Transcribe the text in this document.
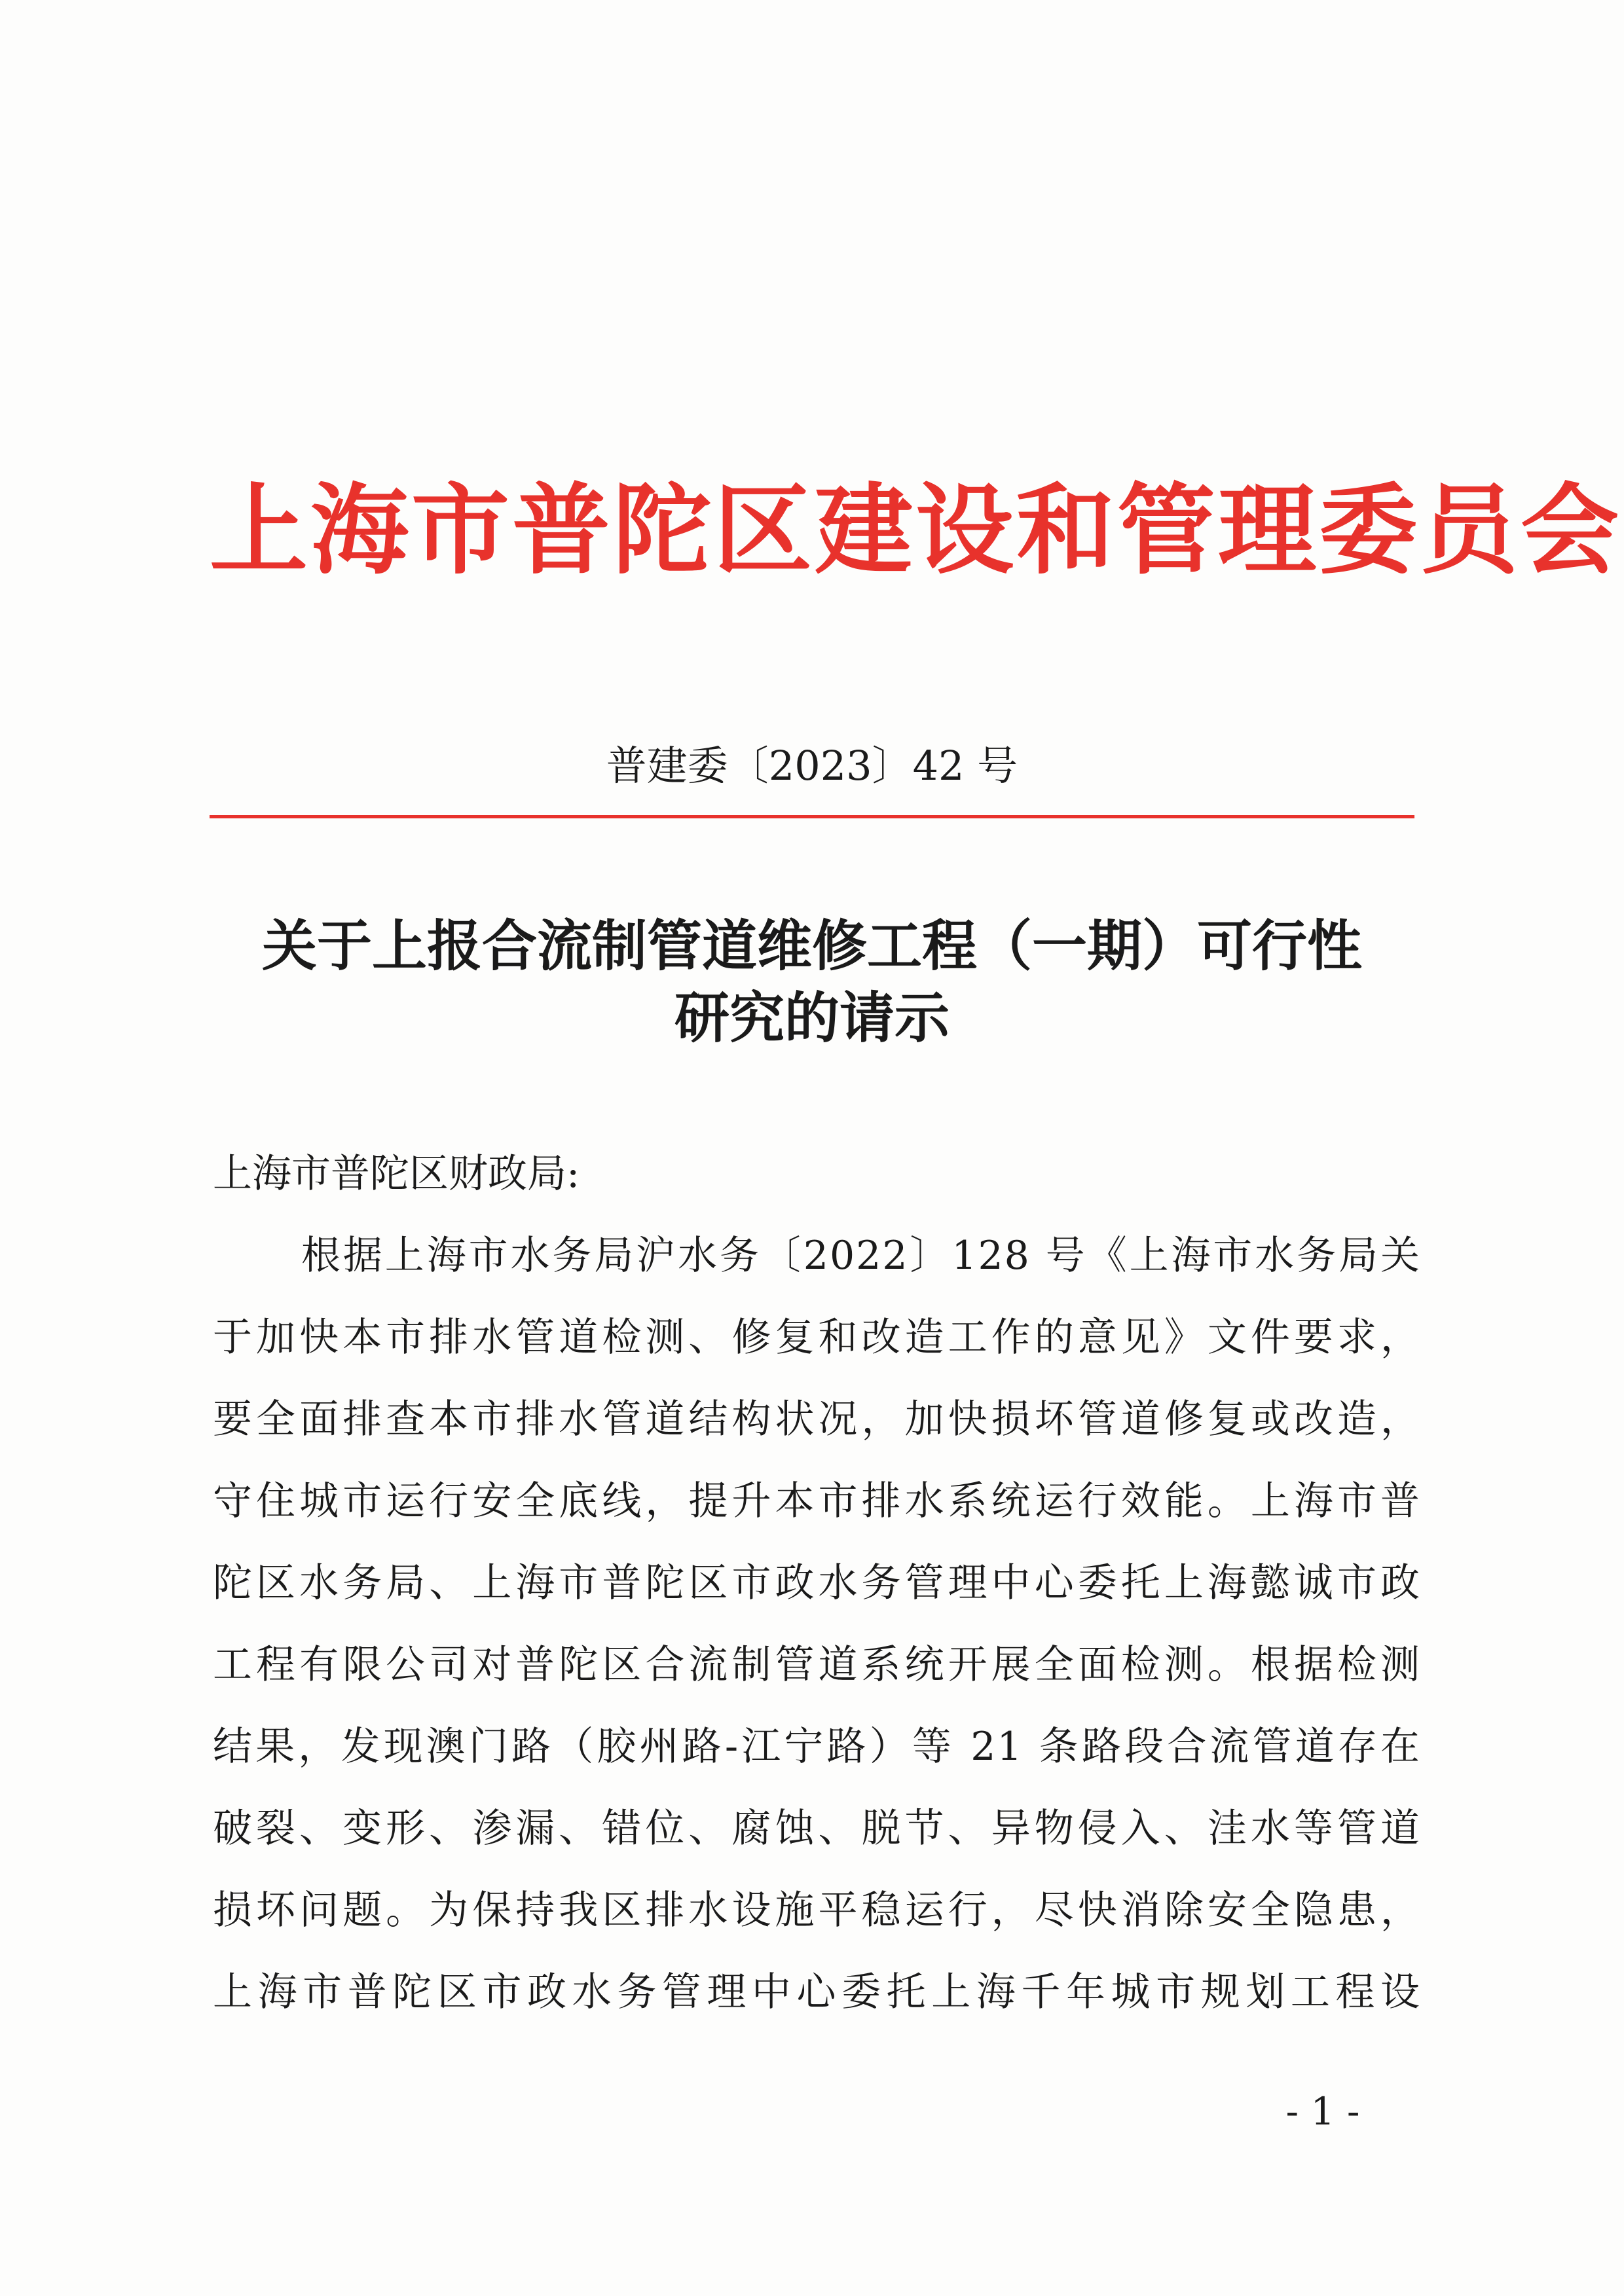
上海市普陀区建设和管理委员会
普建委〔2023〕42 号
关于上报合流制管道维修工程（一期）可行性
研究的请示
上海市普陀区财政局:
根据上海市水务局沪水务〔2022〕128 号《上海市水务局关
于加快本市排水管道检测、修复和改造工作的意见》文件要求，
要全面排查本市排水管道结构状况，加快损坏管道修复或改造，
守住城市运行安全底线，提升本市排水系统运行效能。上海市普
陀区水务局、上海市普陀区市政水务管理中心委托上海懿诚市政
工程有限公司对普陀区合流制管道系统开展全面检测。根据检测
结果，发现澳门路（胶州路-江宁路）等 21 条路段合流管道存在
破裂、变形、渗漏、错位、腐蚀、脱节、异物侵入、洼水等管道
损坏问题。为保持我区排水设施平稳运行，尽快消除安全隐患，
上海市普陀区市政水务管理中心委托上海千年城市规划工程设
- 1 -
